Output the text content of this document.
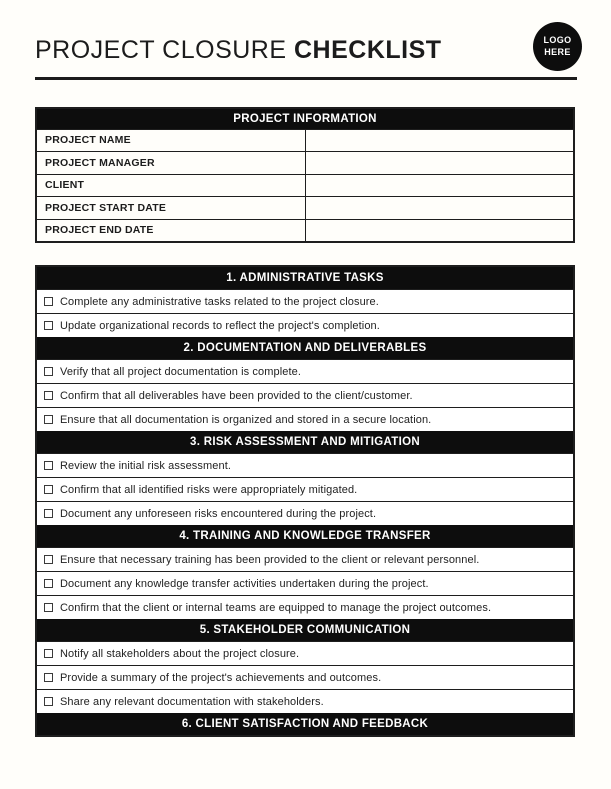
PROJECT CLOSURE CHECKLIST	LOGO
HERE
PROJECT INFORMATION	
PROJECT NAME	
PROJECT MANAGER	
CLIENT	
PROJECT START DATE	
PROJECT END DATE	
1. ADMINISTRATIVE TASKS
Complete any administrative tasks related to the project closure.
Update organizational records to reflect the project's completion.
2. DOCUMENTATION AND DELIVERABLES
Verify that all project documentation is complete.
Confirm that all deliverables have been provided to the client/customer.
Ensure that all documentation is organized and stored in a secure location.
3. RISK ASSESSMENT AND MITIGATION
Review the initial risk assessment.
Confirm that all identified risks were appropriately mitigated.
Document any unforeseen risks encountered during the project.
4. TRAINING AND KNOWLEDGE TRANSFER
Ensure that necessary training has been provided to the client or relevant personnel.
Document any knowledge transfer activities undertaken during the project.
Confirm that the client or internal teams are equipped to manage the project outcomes.
5. STAKEHOLDER COMMUNICATION
Notify all stakeholders about the project closure.
Provide a summary of the project's achievements and outcomes.
Share any relevant documentation with stakeholders.
6. CLIENT SATISFACTION AND FEEDBACK
